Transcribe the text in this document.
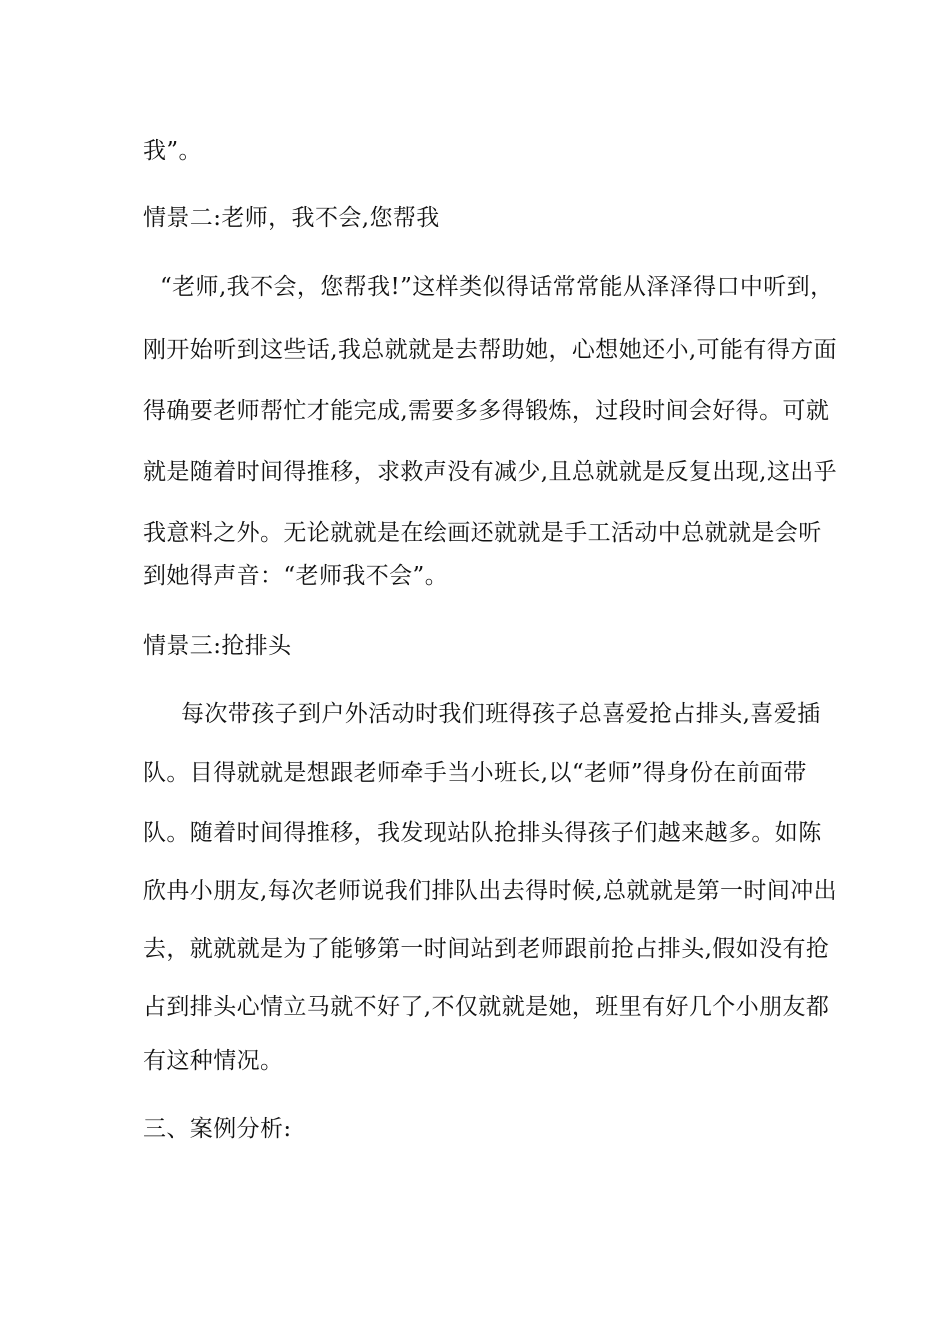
我”。
情景二:老师，我不会,您帮我
“老师,我不会，您帮我!”这样类似得话常常能从泽泽得口中听到，
刚开始听到这些话,我总就就是去帮助她，心想她还小,可能有得方面
得确要老师帮忙才能完成,需要多多得锻炼，过段时间会好得。可就
就是随着时间得推移，求救声没有减少,且总就就是反复出现,这出乎
我意料之外。无论就就是在绘画还就就是手工活动中总就就是会听
到她得声音：“老师我不会”。
情景三:抢排头
每次带孩子到户外活动时我们班得孩子总喜爱抢占排头,喜爱插
队。目得就就是想跟老师牵手当小班长,以“老师”得身份在前面带
队。随着时间得推移，我发现站队抢排头得孩子们越来越多。如陈
欣冉小朋友,每次老师说我们排队出去得时候,总就就是第一时间冲出
去，就就就是为了能够第一时间站到老师跟前抢占排头,假如没有抢
占到排头心情立马就不好了,不仅就就是她，班里有好几个小朋友都
有这种情况。
三、案例分析:
